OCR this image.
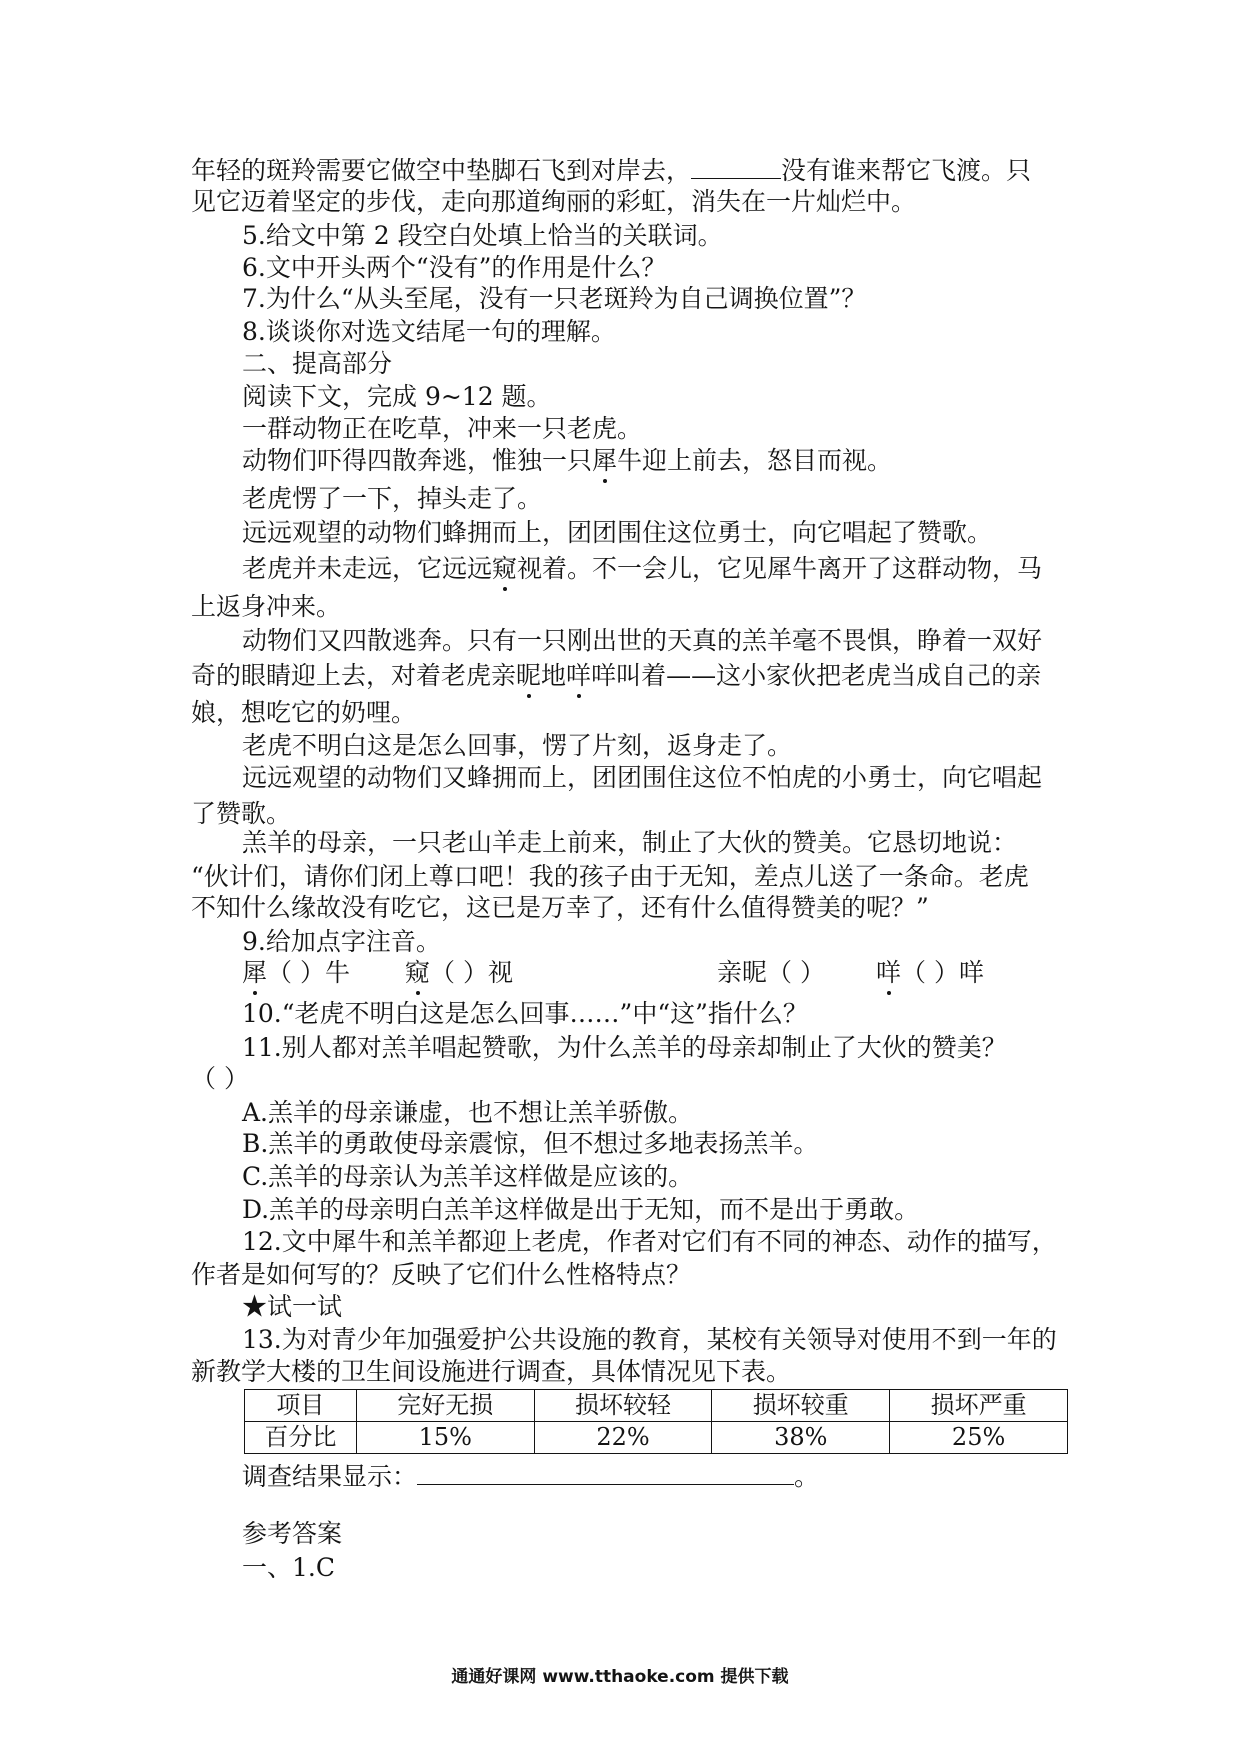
年轻的斑羚需要它做空中垫脚石飞到对岸去，	没有谁来帮它飞渡。只
见它迈着坚定的步伐，走向那道绚丽的彩虹，消失在一片灿烂中。
5.给文中第 2 段空白处填上恰当的关联词。
6.文中开头两个“没有”的作用是什么？
7.为什么“从头至尾，没有一只老斑羚为自己调换位置”？
8.谈谈你对选文结尾一句的理解。
二、提高部分
阅读下文，完成 9~12 题。
一群动物正在吃草，冲来一只老虎。
动物们吓得四散奔逃，惟独一只犀牛迎上前去，怒目而视。
老虎愣了一下，掉头走了。
远远观望的动物们蜂拥而上，团团围住这位勇士，向它唱起了赞歌。
老虎并未走远，它远远窥视着。不一会儿，它见犀牛离开了这群动物，马
上返身冲来。
动物们又四散逃奔。只有一只刚出世的天真的羔羊毫不畏惧，睁着一双好
奇的眼睛迎上去，对着老虎亲昵地咩咩叫着——这小家伙把老虎当成自己的亲
娘，想吃它的奶哩。
老虎不明白这是怎么回事，愣了片刻，返身走了。
远远观望的动物们又蜂拥而上，团团围住这位不怕虎的小勇士，向它唱起
了赞歌。
羔羊的母亲，一只老山羊走上前来，制止了大伙的赞美。它恳切地说：
“伙计们，请你们闭上尊口吧！我的孩子由于无知，差点儿送了一条命。老虎
不知什么缘故没有吃它，这已是万幸了，还有什么值得赞美的呢？”
9.给加点字注音。
犀（ ）牛 窥（ ）视	亲昵（ ） 咩（ ）咩
10.“老虎不明白这是怎么回事……”中“这”指什么？
11.别人都对羔羊唱起赞歌，为什么羔羊的母亲却制止了大伙的赞美？
（ ）
A.羔羊的母亲谦虚，也不想让羔羊骄傲。
B.羔羊的勇敢使母亲震惊，但不想过多地表扬羔羊。
C.羔羊的母亲认为羔羊这样做是应该的。
D.羔羊的母亲明白羔羊这样做是出于无知，而不是出于勇敢。
12.文中犀牛和羔羊都迎上老虎，作者对它们有不同的神态、动作的描写，
作者是如何写的？反映了它们什么性格特点？
★试一试
13.为对青少年加强爱护公共设施的教育，某校有关领导对使用不到一年的
新教学大楼的卫生间设施进行调查，具体情况见下表。
项目	完好无损	损坏较轻	损坏较重	损坏严重
百分比	15%	22%	38%	25%
调查结果显示：	。
参考答案
一、1.C
通通好课网 www.tthaoke.com 提供下载
